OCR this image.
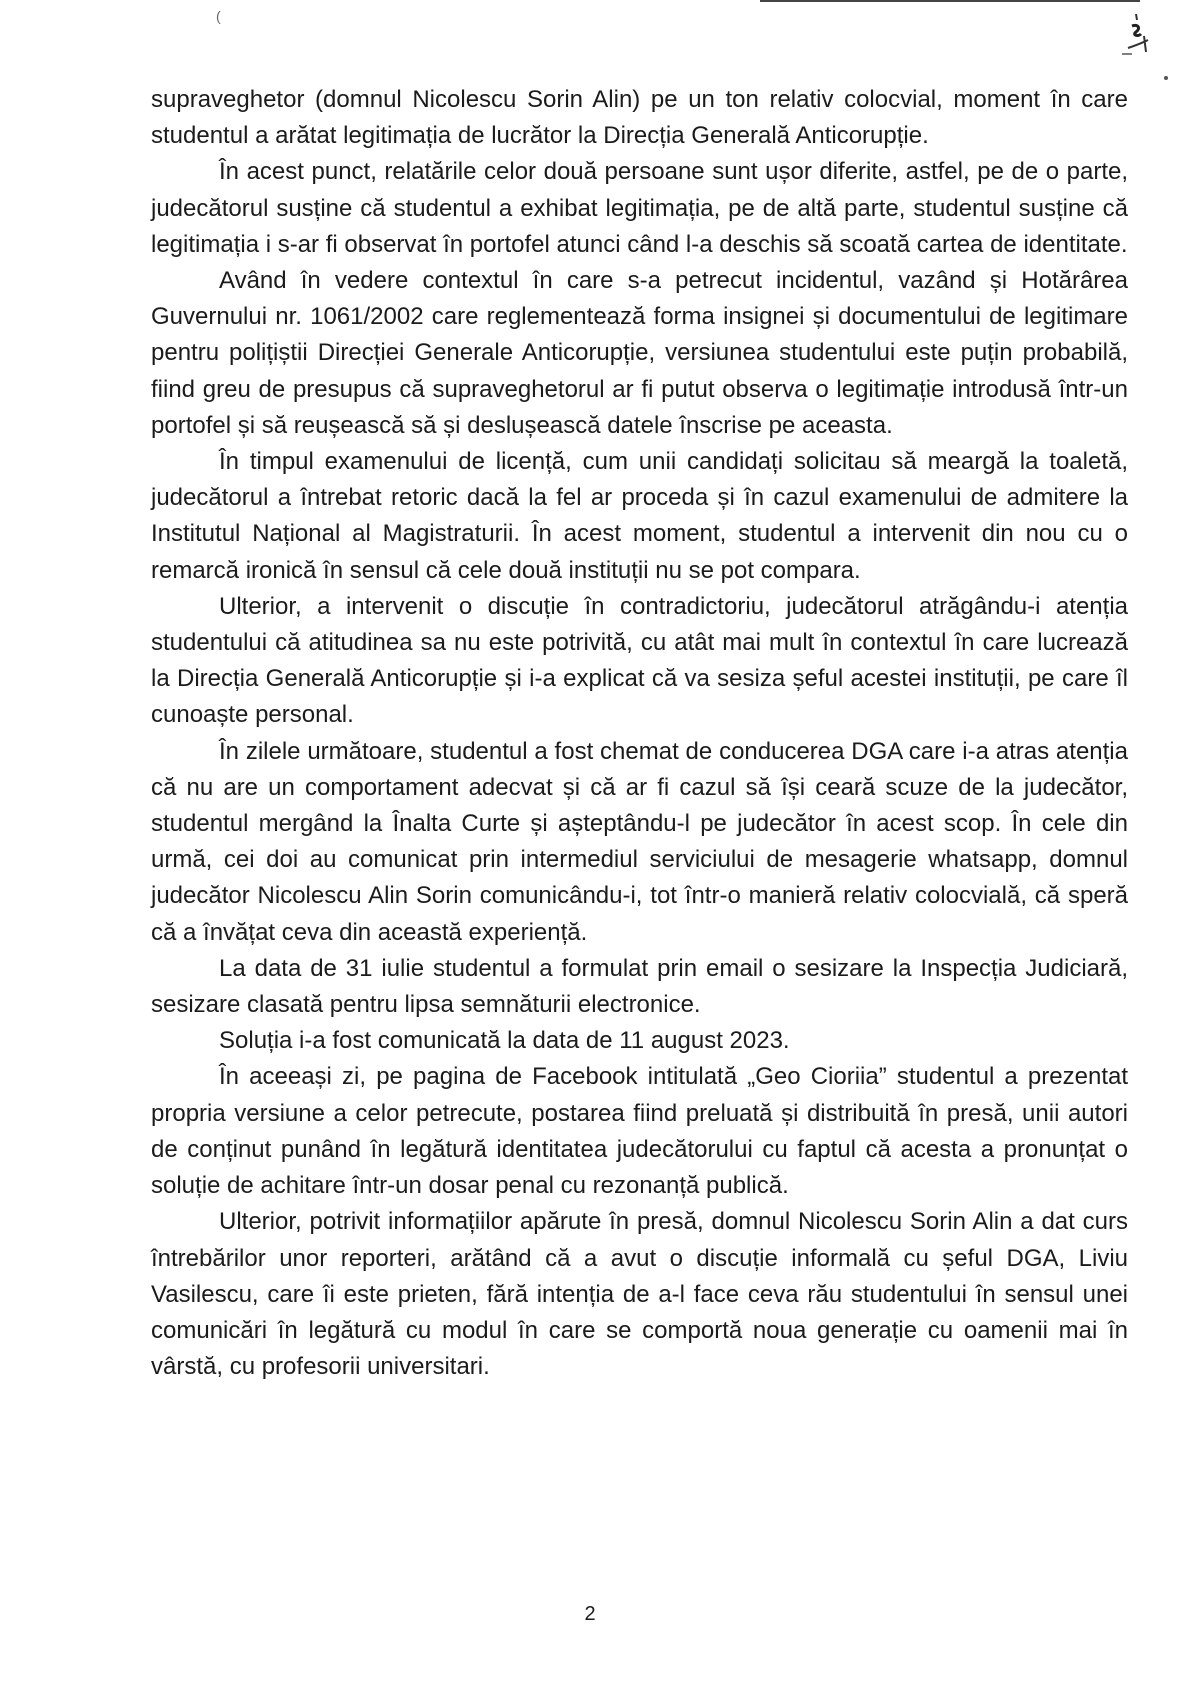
(

supraveghetor (domnul Nicolescu Sorin Alin) pe un ton relativ colocvial, moment în care studentul a arătat legitimația de lucrător la Direcția Generală Anticorupție.

În acest punct, relatările celor două persoane sunt ușor diferite, astfel, pe de o parte, judecătorul susține că studentul a exhibat legitimația, pe de altă parte, studentul susține că legitimația i s-ar fi observat în portofel atunci când l-a deschis să scoată cartea de identitate.

Având în vedere contextul în care s-a petrecut incidentul, vazând și Hotărârea Guvernului nr. 1061/2002 care reglementează forma insignei și documentului de legitimare pentru polițiștii Direcției Generale Anticorupție, versiunea studentului este puțin probabilă, fiind greu de presupus că supraveghetorul ar fi putut observa o legitimație introdusă într-un portofel și să reușească să și deslușească datele înscrise pe aceasta.

În timpul examenului de licență, cum unii candidați solicitau să meargă la toaletă, judecătorul a întrebat retoric dacă la fel ar proceda și în cazul examenului de admitere la Institutul Național al Magistraturii. În acest moment, studentul a intervenit din nou cu o remarcă ironică în sensul că cele două instituții nu se pot compara.

Ulterior, a intervenit o discuție în contradictoriu, judecătorul atrăgându-i atenția studentului că atitudinea sa nu este potrivită, cu atât mai mult în contextul în care lucrează la Direcția Generală Anticorupție și i-a explicat că va sesiza șeful acestei instituții, pe care îl cunoaște personal.

În zilele următoare, studentul a fost chemat de conducerea DGA care i-a atras atenția că nu are un comportament adecvat și că ar fi cazul să își ceară scuze de la judecător, studentul mergând la Înalta Curte și așteptându-l pe judecător în acest scop. În cele din urmă, cei doi au comunicat prin intermediul serviciului de mesagerie whatsapp, domnul judecător Nicolescu Alin Sorin comunicându-i, tot într-o manieră relativ colocvială, că speră că a învățat ceva din această experiență.

La data de 31 iulie studentul a formulat prin email o sesizare la Inspecția Judiciară, sesizare clasată pentru lipsa semnăturii electronice.

Soluția i-a fost comunicată la data de 11 august 2023.

În aceeași zi, pe pagina de Facebook intitulată „Geo Cioriia” studentul a prezentat propria versiune a celor petrecute, postarea fiind preluată și distribuită în presă, unii autori de conținut punând în legătură identitatea judecătorului cu faptul că acesta a pronunțat o soluție de achitare într-un dosar penal cu rezonanță publică.

Ulterior, potrivit informațiilor apărute în presă, domnul Nicolescu Sorin Alin a dat curs întrebărilor unor reporteri, arătând că a avut o discuție informală cu șeful DGA, Liviu Vasilescu, care îi este prieten, fără intenția de a-l face ceva rău studentului în sensul unei comunicări în legătură cu modul în care se comportă noua generație cu oamenii mai în vârstă, cu profesorii universitari.

2
